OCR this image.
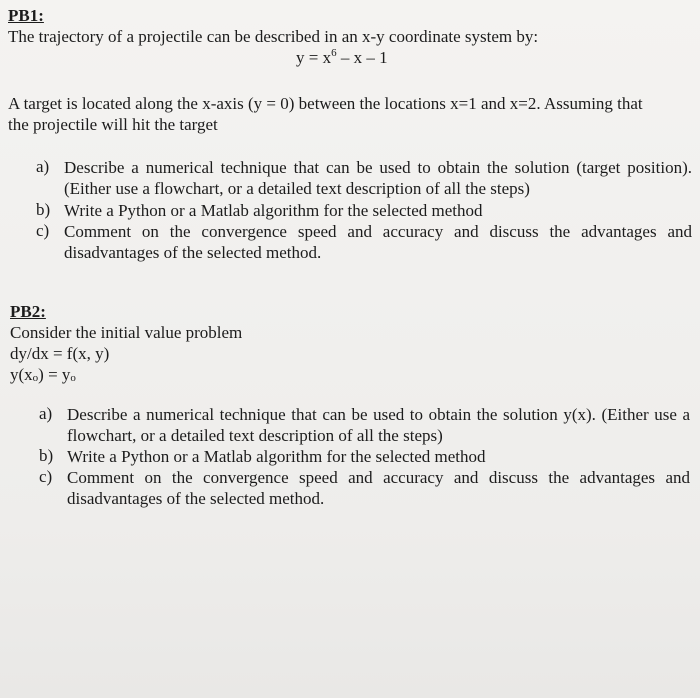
PB1:
The trajectory of a projectile can be described in an x-y coordinate system by:
$y = x^6 - x - 1$
A target is located along the x-axis (y = 0) between the locations x=1 and x=2. Assuming that
the projectile will hit the target
a) Describe a numerical technique that can be used to obtain the solution (target position). (Either use a flowchart, or a detailed text description of all the steps)
b) Write a Python or a Matlab algorithm for the selected method
c) Comment on the convergence speed and accuracy and discuss the advantages and disadvantages of the selected method.
PB2:
Consider the initial value problem
dy/dx = f(x, y)
y(xo) = yo
a) Describe a numerical technique that can be used to obtain the solution y(x). (Either use a flowchart, or a detailed text description of all the steps)
b) Write a Python or a Matlab algorithm for the selected method
c) Comment on the convergence speed and accuracy and discuss the advantages and disadvantages of the selected method.
